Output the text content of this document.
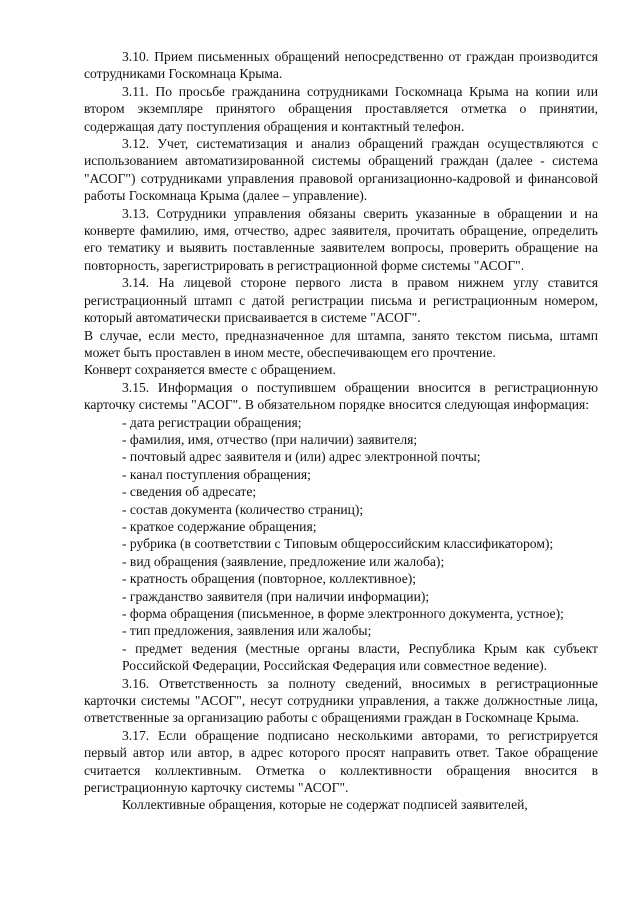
3.10. Прием письменных обращений непосредственно от граждан производится сотрудниками Госкомнаца Крыма.

3.11. По просьбе гражданина сотрудниками Госкомнаца Крыма на копии или втором экземпляре принятого обращения проставляется отметка о принятии, содержащая дату поступления обращения и контактный телефон.

3.12. Учет, систематизация и анализ обращений граждан осуществляются с использованием автоматизированной системы обращений граждан (далее - система "АСОГ") сотрудниками управления правовой организационно-кадровой и финансовой работы Госкомнаца Крыма (далее – управление).

3.13. Сотрудники управления обязаны сверить указанные в обращении и на конверте фамилию, имя, отчество, адрес заявителя, прочитать обращение, определить его тематику и выявить поставленные заявителем вопросы, проверить обращение на повторность, зарегистрировать в регистрационной форме системы "АСОГ".

3.14. На лицевой стороне первого листа в правом нижнем углу ставится регистрационный штамп с датой регистрации письма и регистрационным номером, который автоматически присваивается в системе "АСОГ".

В случае, если место, предназначенное для штампа, занято текстом письма, штамп может быть проставлен в ином месте, обеспечивающем его прочтение.

Конверт сохраняется вместе с обращением.

3.15. Информация о поступившем обращении вносится в регистрационную карточку системы "АСОГ". В обязательном порядке вносится следующая информация:

- дата регистрации обращения;
- фамилия, имя, отчество (при наличии) заявителя;
- почтовый адрес заявителя и (или) адрес электронной почты;
- канал поступления обращения;
- сведения об адресате;
- состав документа (количество страниц);
- краткое содержание обращения;
- рубрика (в соответствии с Типовым общероссийским классификатором);
- вид обращения (заявление, предложение или жалоба);
- кратность обращения (повторное, коллективное);
- гражданство заявителя (при наличии информации);
- форма обращения (письменное, в форме электронного документа, устное);
- тип предложения, заявления или жалобы;
- предмет ведения (местные органы власти, Республика Крым как субъект Российской Федерации, Российская Федерация или совместное ведение).

3.16. Ответственность за полноту сведений, вносимых в регистрационные карточки системы "АСОГ", несут сотрудники управления, а также должностные лица, ответственные за организацию работы с обращениями граждан в Госкомнаце Крыма.

3.17. Если обращение подписано несколькими авторами, то регистрируется первый автор или автор, в адрес которого просят направить ответ. Такое обращение считается коллективным. Отметка о коллективности обращения вносится в регистрационную карточку системы "АСОГ".

Коллективные обращения, которые не содержат подписей заявителей,
